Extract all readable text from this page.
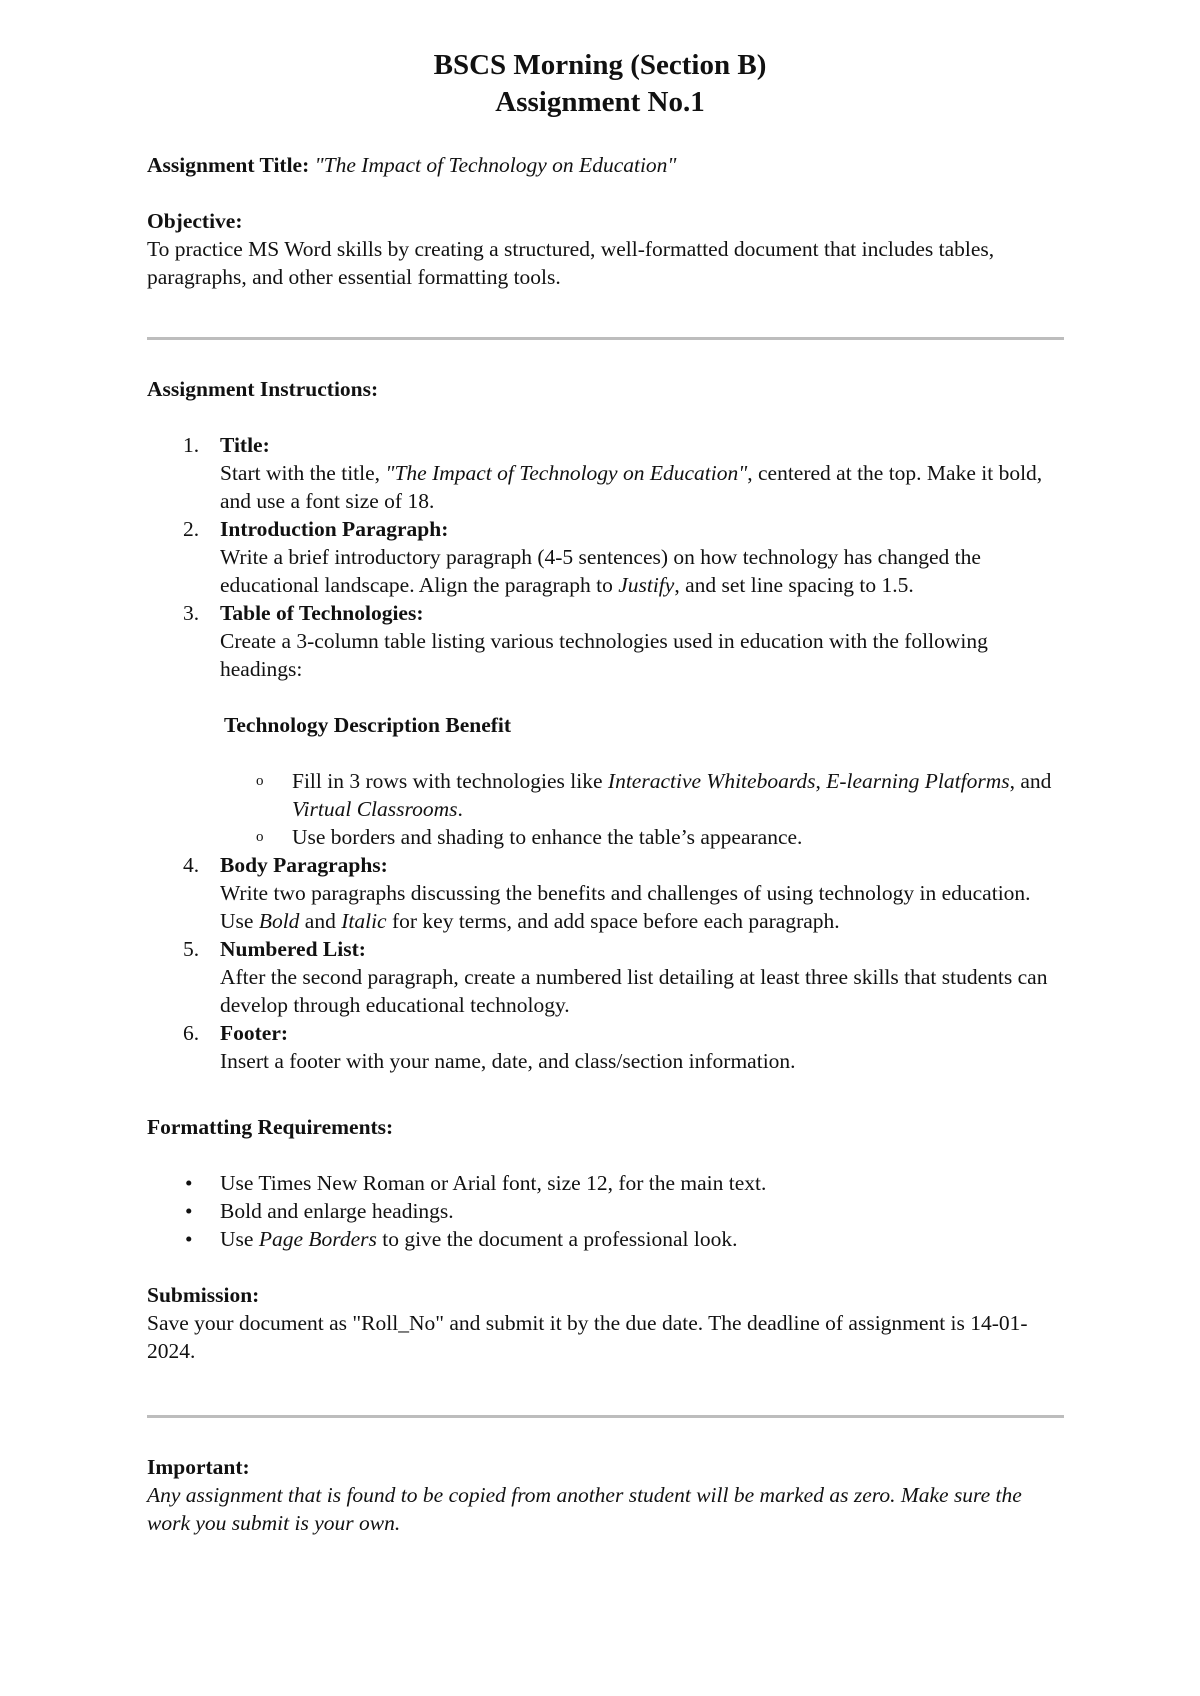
BSCS Morning (Section B)
Assignment No.1
Assignment Title: "The Impact of Technology on Education"
Objective:
To practice MS Word skills by creating a structured, well-formatted document that includes tables, paragraphs, and other essential formatting tools.
Assignment Instructions:
1. Title:
Start with the title, "The Impact of Technology on Education", centered at the top. Make it bold, and use a font size of 18.
2. Introduction Paragraph:
Write a brief introductory paragraph (4-5 sentences) on how technology has changed the educational landscape. Align the paragraph to Justify, and set line spacing to 1.5.
3. Table of Technologies:
Create a 3-column table listing various technologies used in education with the following headings:
Technology Description Benefit
o Fill in 3 rows with technologies like Interactive Whiteboards, E-learning Platforms, and Virtual Classrooms.
o Use borders and shading to enhance the table’s appearance.
4. Body Paragraphs:
Write two paragraphs discussing the benefits and challenges of using technology in education. Use Bold and Italic for key terms, and add space before each paragraph.
5. Numbered List:
After the second paragraph, create a numbered list detailing at least three skills that students can develop through educational technology.
6. Footer:
Insert a footer with your name, date, and class/section information.
Formatting Requirements:
• Use Times New Roman or Arial font, size 12, for the main text.
• Bold and enlarge headings.
• Use Page Borders to give the document a professional look.
Submission:
Save your document as "Roll_No" and submit it by the due date. The deadline of assignment is 14-01-2024.
Important:
Any assignment that is found to be copied from another student will be marked as zero. Make sure the work you submit is your own.
